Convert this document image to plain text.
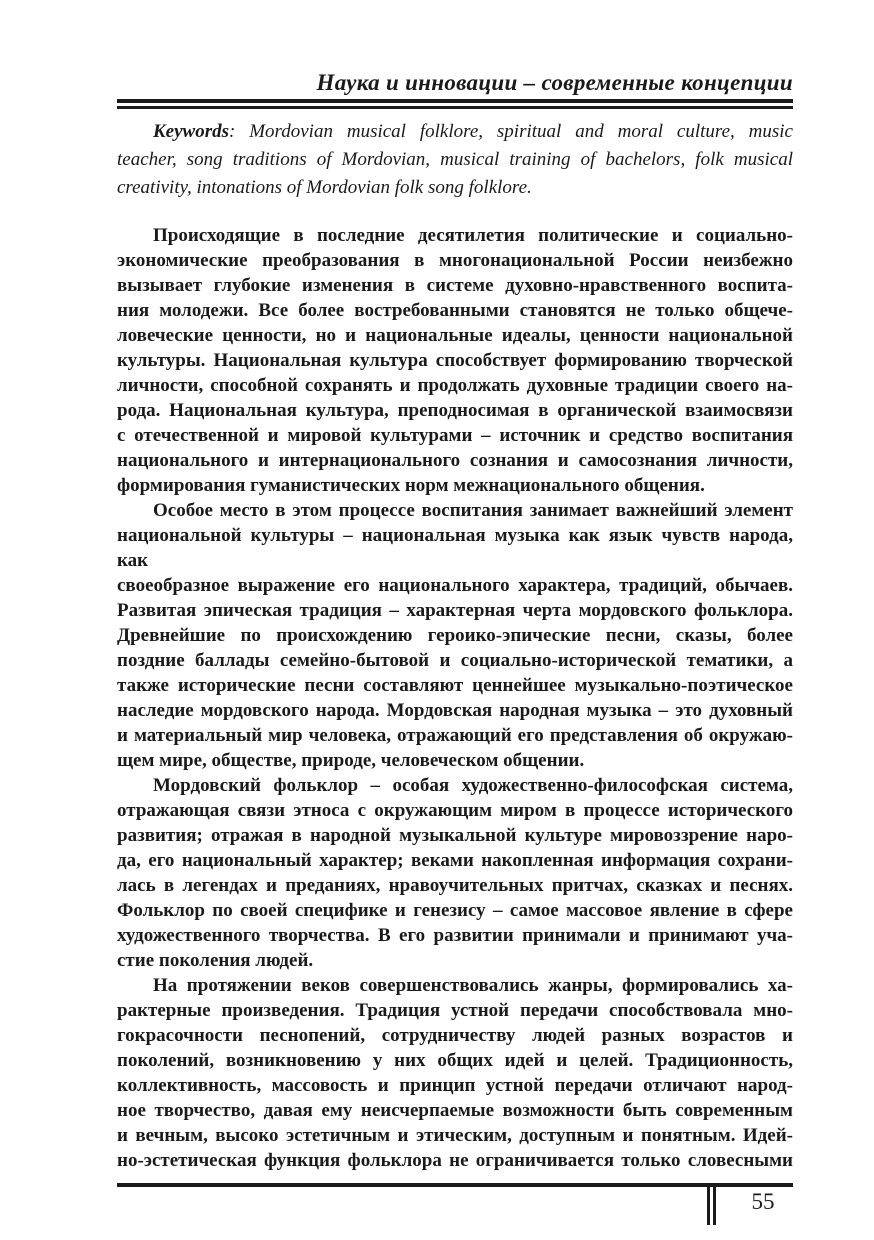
Наука и инновации – современные концепции
Keywords: Mordovian musical folklore, spiritual and moral culture, music
teacher, song traditions of Mordovian, musical training of bachelors, folk musical
creativity, intonations of Mordovian folk song folklore.
Происходящие в последние десятилетия политические и социально-
экономические преобразования в многонациональной России неизбежно
вызывает глубокие изменения в системе духовно-нравственного воспита-
ния молодежи. Все более востребованными становятся не только общече-
ловеческие ценности, но и национальные идеалы, ценности национальной
культуры. Национальная культура способствует формированию творческой
личности, способной сохранять и продолжать духовные традиции своего на-
рода. Национальная культура, преподносимая в органической взаимосвязи
с отечественной и мировой культурами – источник и средство воспитания
национального и интернационального сознания и самосознания личности,
формирования гуманистических норм межнационального общения.
Особое место в этом процессе воспитания занимает важнейший элемент
национальной культуры – национальная музыка как язык чувств народа, как
своеобразное выражение его национального характера, традиций, обычаев.
Развитая эпическая традиция – характерная черта мордовского фольклора.
Древнейшие по происхождению героико-эпические песни, сказы, более
поздние баллады семейно-бытовой и социально-исторической тематики, а
также исторические песни составляют ценнейшее музыкально-поэтическое
наследие мордовского народа. Мордовская народная музыка – это духовный
и материальный мир человека, отражающий его представления об окружаю-
щем мире, обществе, природе, человеческом общении.
Мордовский фольклор – особая художественно-философская система,
отражающая связи этноса с окружающим миром в процессе исторического
развития; отражая в народной музыкальной культуре мировоззрение наро-
да, его национальный характер; веками накопленная информация сохрани-
лась в легендах и преданиях, нравоучительных притчах, сказках и песнях.
Фольклор по своей специфике и генезису – самое массовое явление в сфере
художественного творчества. В его развитии принимали и принимают уча-
стие поколения людей.
На протяжении веков совершенствовались жанры, формировались ха-
рактерные произведения. Традиция устной передачи способствовала мно-
гокрасочности песнопений, сотрудничеству людей разных возрастов и
поколений, возникновению у них общих идей и целей. Традиционность,
коллективность, массовость и принцип устной передачи отличают народ-
ное творчество, давая ему неисчерпаемые возможности быть современным
и вечным, высоко эстетичным и этическим, доступным и понятным. Идей-
но-эстетическая функция фольклора не ограничивается только словесными
55
